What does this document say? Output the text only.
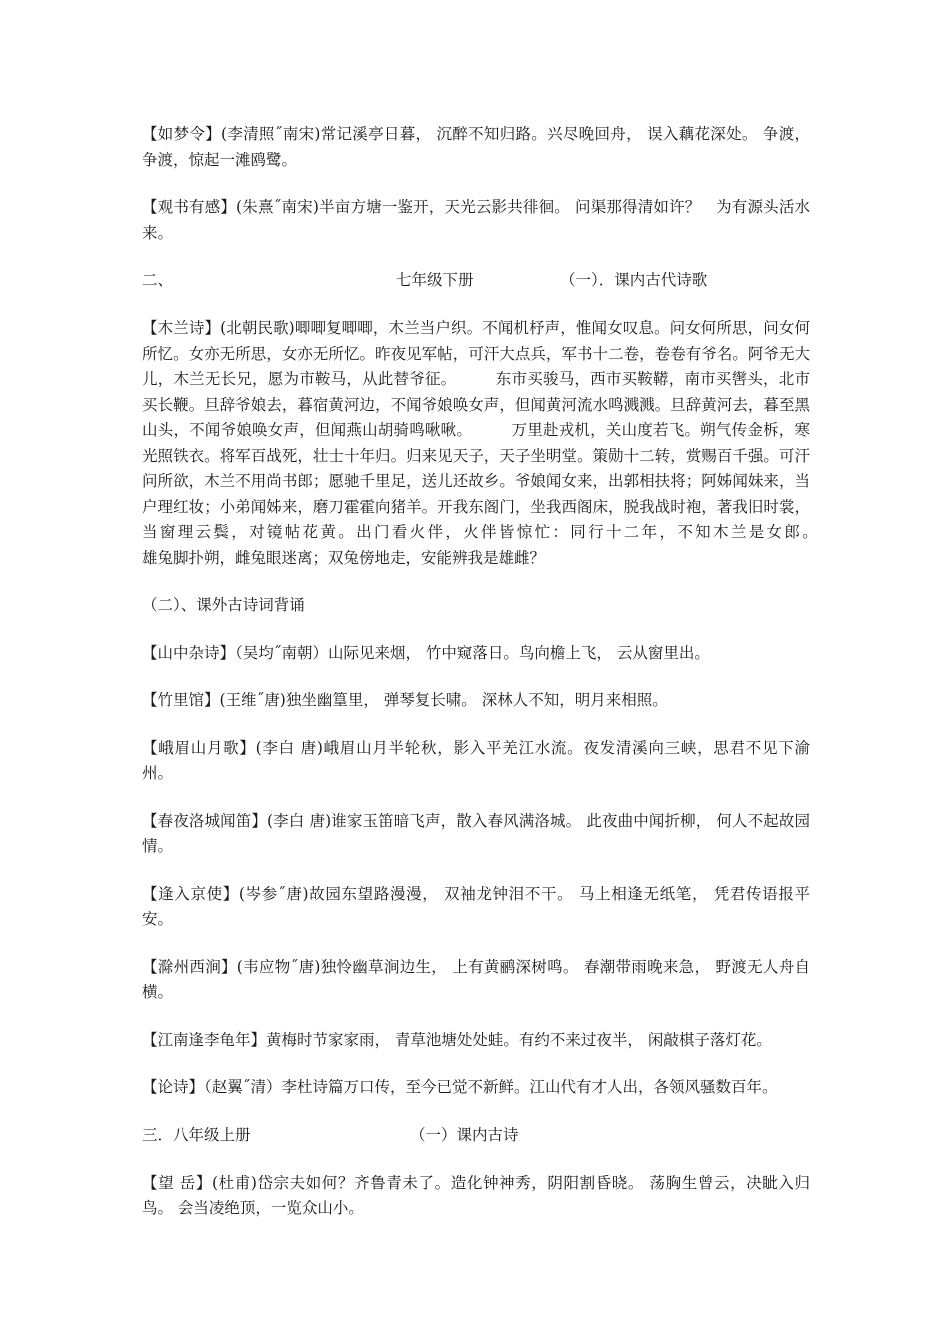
【如梦令】(李清照˝南宋)常记溪亭日暮， 沉醉不知归路。兴尽晚回舟， 误入藕花深处。 争渡，争渡，惊起一滩鸥鹭。

【观书有感】(朱熹˝南宋)半亩方塘一鉴开，天光云影共徘徊。 问渠那得清如许？　为有源头活水来。

二、	七年级下册	（一）．课内古代诗歌

【木兰诗】(北朝民歌)唧唧复唧唧，木兰当户织。不闻机杼声，惟闻女叹息。问女何所思，问女何所忆。女亦无所思，女亦无所忆。昨夜见军帖，可汗大点兵，军书十二卷，卷卷有爷名。阿爷无大儿，木兰无长兄，愿为市鞍马，从此替爷征。　　　东市买骏马，西市买鞍鞯，南市买辔头，北市买长鞭。旦辞爷娘去，暮宿黄河边，不闻爷娘唤女声，但闻黄河流水鸣溅溅。旦辞黄河去，暮至黑山头，不闻爷娘唤女声，但闻燕山胡骑鸣啾啾。　　　万里赴戎机，关山度若飞。朔气传金柝，寒光照铁衣。将军百战死，壮士十年归。归来见天子，天子坐明堂。策勋十二转，赏赐百千强。可汗问所欲，木兰不用尚书郎；愿驰千里足，送儿还故乡。爷娘闻女来，出郭相扶将；阿姊闻妹来，当户理红妆；小弟闻姊来，磨刀霍霍向猪羊。开我东阁门，坐我西阁床，脱我战时袍，著我旧时裳，当窗理云鬓，对镜帖花黄。出门看火伴，火伴皆惊忙：同行十二年，不知木兰是女郎。　　　　　　　　雄兔脚扑朔，雌兔眼迷离；双兔傍地走，安能辨我是雄雌？

（二）、课外古诗词背诵

【山中杂诗】（吴均˝南朝）山际见来烟， 竹中窥落日。鸟向檐上飞， 云从窗里出。

【竹里馆】(王维˝唐)独坐幽篁里， 弹琴复长啸。 深林人不知，明月来相照。

【峨眉山月歌】(李白 唐)峨眉山月半轮秋，影入平羌江水流。夜发清溪向三峡，思君不见下渝州。

【春夜洛城闻笛】(李白 唐)谁家玉笛暗飞声，散入春风满洛城。 此夜曲中闻折柳， 何人不起故园情。

【逢入京使】(岑参˝唐)故园东望路漫漫， 双袖龙钟泪不干。 马上相逢无纸笔， 凭君传语报平安。

【滁州西涧】(韦应物˝唐)独怜幽草涧边生， 上有黄鹂深树鸣。 春潮带雨晚来急， 野渡无人舟自横。

【江南逢李龟年】黄梅时节家家雨， 青草池塘处处蛙。有约不来过夜半， 闲敲棋子落灯花。

【论诗】（赵翼˝清）李杜诗篇万口传，至今已觉不新鲜。江山代有才人出，各领风骚数百年。

三．八年级上册	（一）课内古诗

【望 岳】(杜甫)岱宗夫如何？齐鲁青未了。造化钟神秀，阴阳割昏晓。 荡胸生曾云，决眦入归鸟。 会当凌绝顶，一览众山小。
